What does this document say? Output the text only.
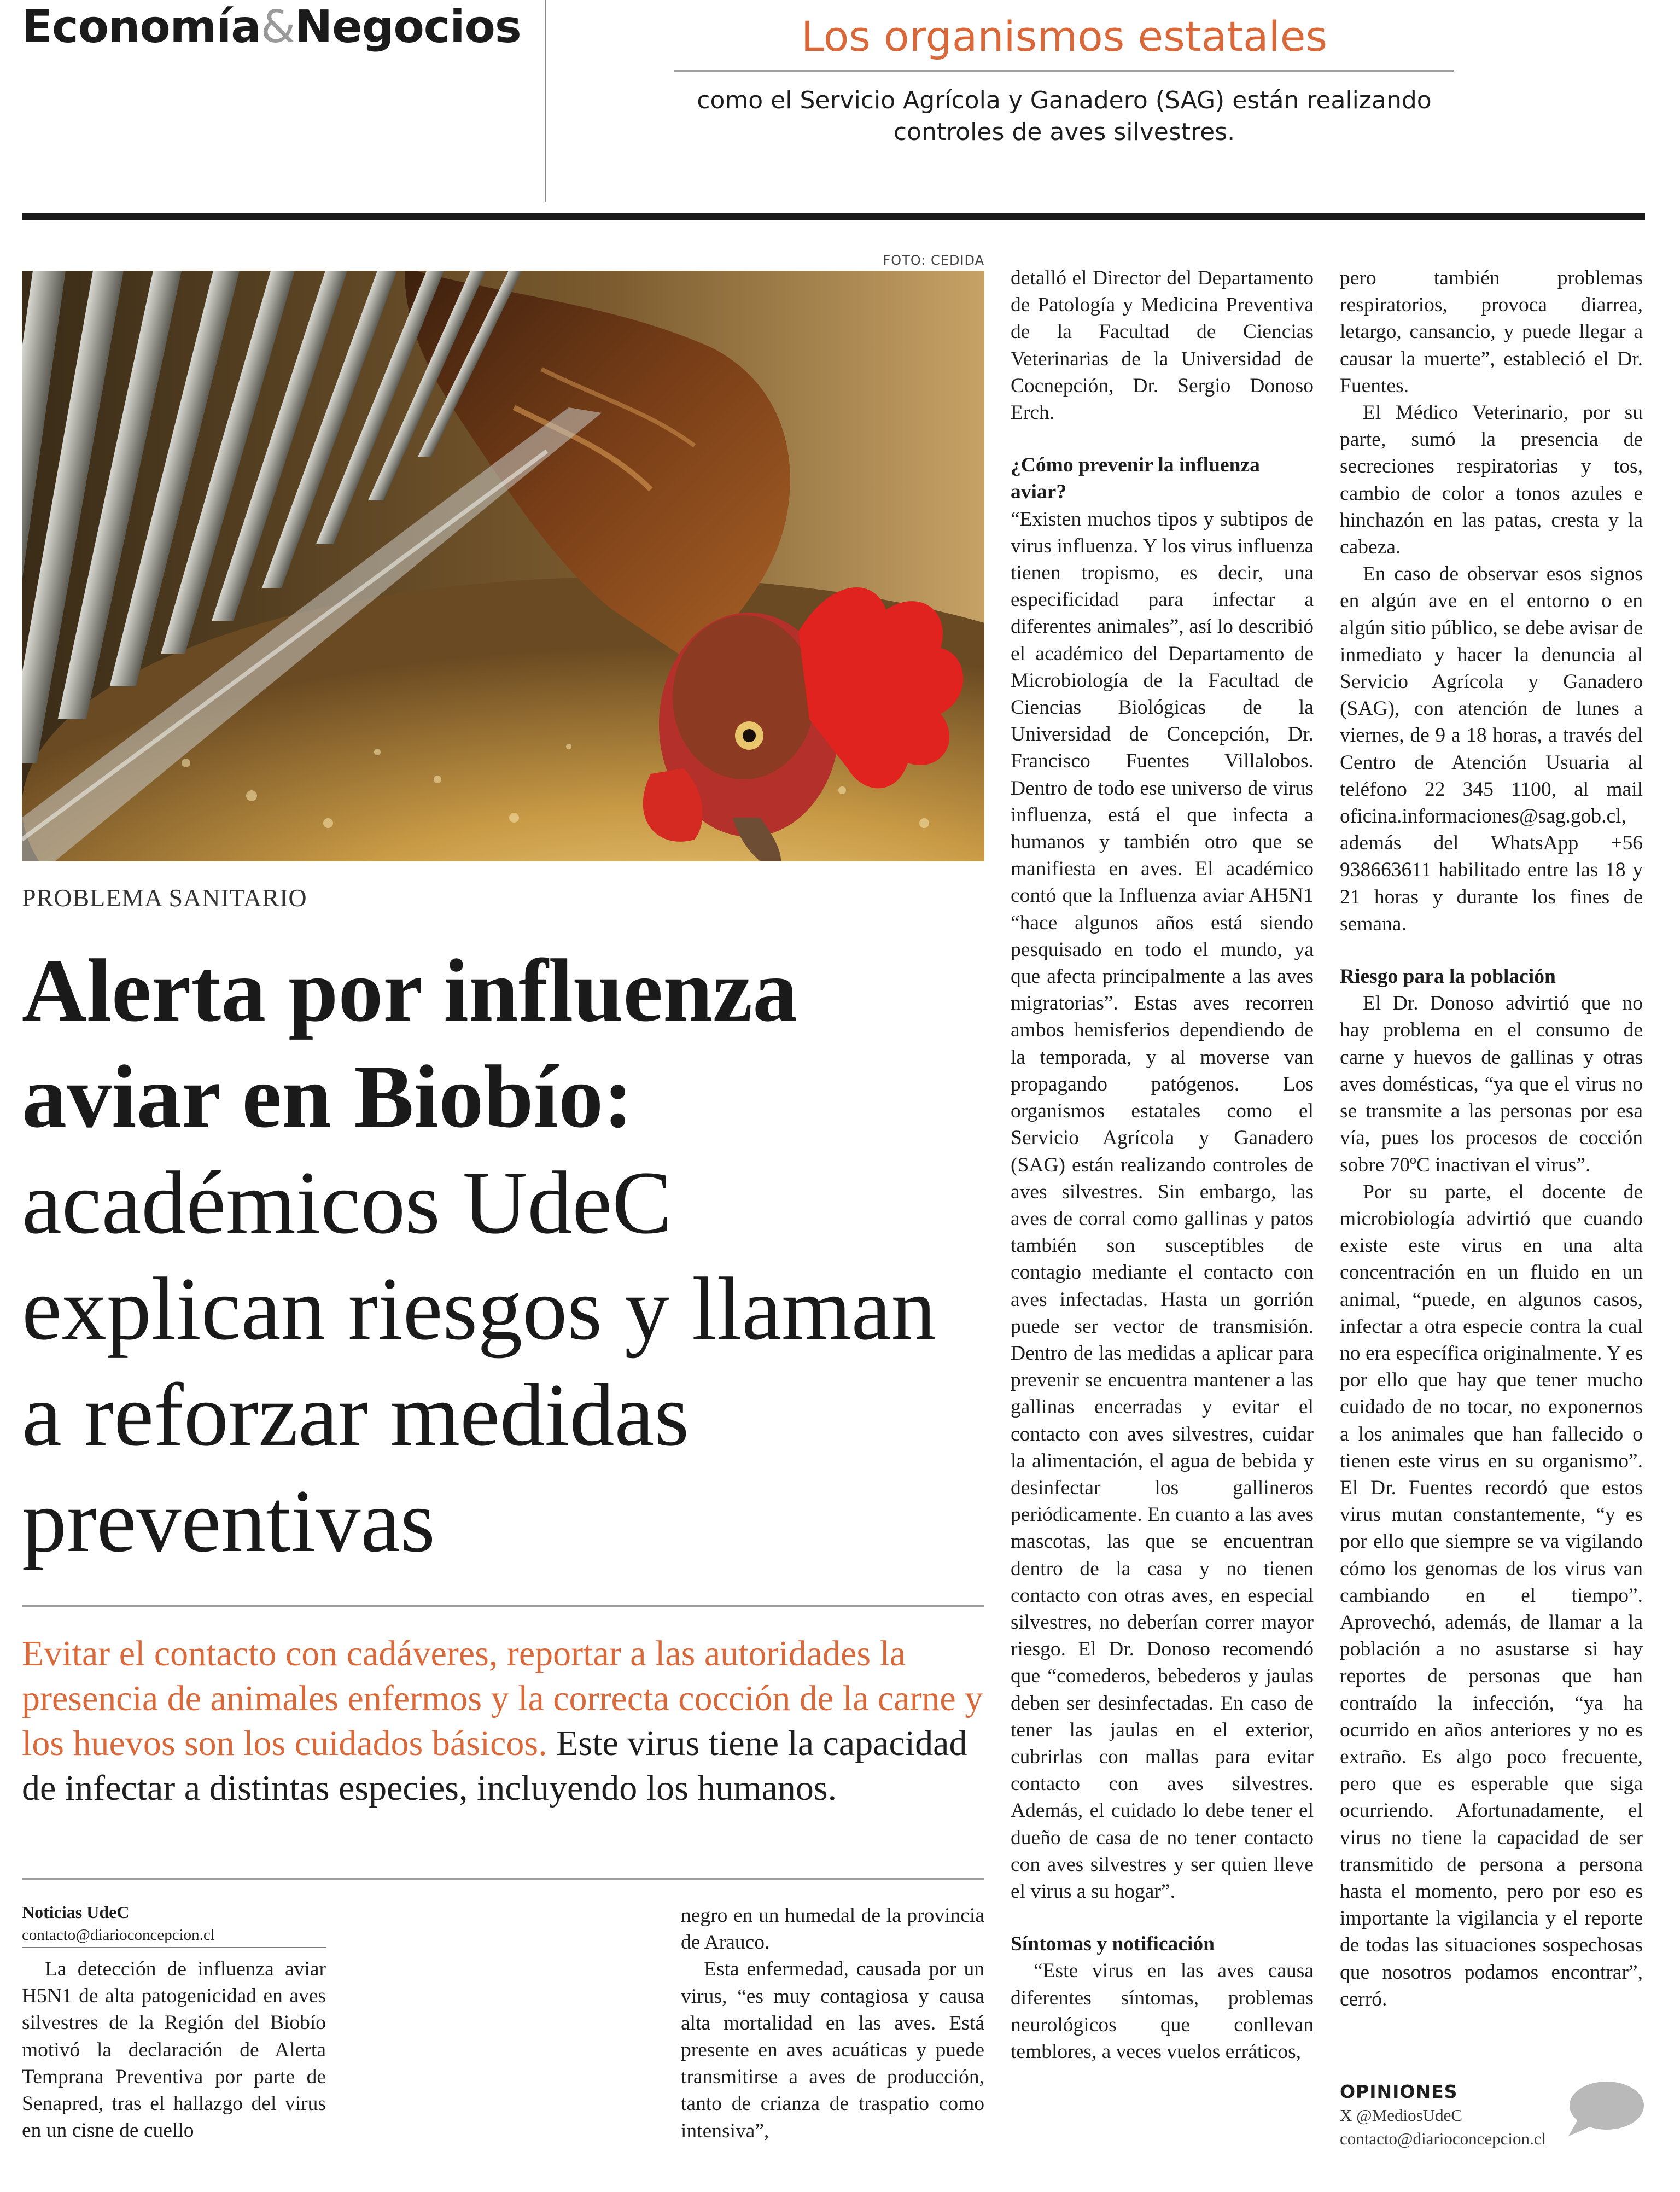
Economía&Negocios	Los organismos estatales
como el Servicio Agrícola y Ganadero (SAG) están realizando controles de aves silvestres.
FOTO: CEDIDA
PROBLEMA SANITARIO
Alerta por influenza aviar en Biobío:
académicos UdeC explican riesgos y llaman a reforzar medidas preventivas
Evitar el contacto con cadáveres, reportar a las autoridades la presencia de animales enfermos y la correcta cocción de la carne y los huevos son los cuidados básicos. Este virus tiene la capacidad de infectar a distintas especies, incluyendo los humanos.
Noticias UdeC
contacto@diarioconcepcion.cl

La detección de influenza aviar H5N1 de alta patogenicidad en aves silvestres de la Región del Biobío motivó la declaración de Alerta Temprana Preventiva por parte de Senapred, tras el hallazgo del virus en un cisne de cuello

negro en un humedal de la provincia de Arauco.

Esta enfermedad, causada por un virus, “es muy contagiosa y causa alta mortalidad en las aves. Está presente en aves acuáticas y puede transmitirse a aves de producción, tanto de crianza de traspatio como intensiva”,

detalló el Director del Departamento de Patología y Medicina Preventiva de la Facultad de Ciencias Veterinarias de la Universidad de Cocnepción, Dr. Sergio Donoso Erch.

¿Cómo prevenir la influenza aviar?

“Existen muchos tipos y subtipos de virus influenza. Y los virus influenza tienen tropismo, es decir, una especificidad para infectar a diferentes animales”, así lo describió el académico del Departamento de Microbiología de la Facultad de Ciencias Biológicas de la Universidad de Concepción, Dr. Francisco Fuentes Villalobos. Dentro de todo ese universo de virus influenza, está el que infecta a humanos y también otro que se manifiesta en aves. El académico contó que la Influenza aviar AH5N1 “hace algunos años está siendo pesquisado en todo el mundo, ya que afecta principalmente a las aves migratorias”. Estas aves recorren ambos hemisferios dependiendo de la temporada, y al moverse van propagando patógenos. Los organismos estatales como el Servicio Agrícola y Ganadero (SAG) están realizando controles de aves silvestres. Sin embargo, las aves de corral como gallinas y patos también son susceptibles de contagio mediante el contacto con aves infectadas. Hasta un gorrión puede ser vector de transmisión. Dentro de las medidas a aplicar para prevenir se encuentra mantener a las gallinas encerradas y evitar el contacto con aves silvestres, cuidar la alimentación, el agua de bebida y desinfectar los gallineros periódicamente. En cuanto a las aves mascotas, las que se encuentran dentro de la casa y no tienen contacto con otras aves, en especial silvestres, no deberían correr mayor riesgo. El Dr. Donoso recomendó que “comederos, bebederos y jaulas deben ser desinfectadas. En caso de tener las jaulas en el exterior, cubrirlas con mallas para evitar contacto con aves silvestres. Además, el cuidado lo debe tener el dueño de casa de no tener contacto con aves silvestres y ser quien lleve el virus a su hogar”.

Síntomas y notificación

“Este virus en las aves causa diferentes síntomas, problemas neurológicos que conllevan temblores, a veces vuelos erráticos,

pero también problemas respiratorios, provoca diarrea, letargo, cansancio, y puede llegar a causar la muerte”, estableció el Dr. Fuentes.

El Médico Veterinario, por su parte, sumó la presencia de secreciones respiratorias y tos, cambio de color a tonos azules e hinchazón en las patas, cresta y la cabeza.

En caso de observar esos signos en algún ave en el entorno o en algún sitio público, se debe avisar de inmediato y hacer la denuncia al Servicio Agrícola y Ganadero (SAG), con atención de lunes a viernes, de 9 a 18 horas, a través del Centro de Atención Usuaria al teléfono 22 345 1100, al mail oficina.informaciones@sag.gob.cl, además del WhatsApp +56 938663611 habilitado entre las 18 y 21 horas y durante los fines de semana.

Riesgo para la población

El Dr. Donoso advirtió que no hay problema en el consumo de carne y huevos de gallinas y otras aves domésticas, “ya que el virus no se transmite a las personas por esa vía, pues los procesos de cocción sobre 70ºC inactivan el virus”.

Por su parte, el docente de microbiología advirtió que cuando existe este virus en una alta concentración en un fluido en un animal, “puede, en algunos casos, infectar a otra especie contra la cual no era específica originalmente. Y es por ello que hay que tener mucho cuidado de no tocar, no exponernos a los animales que han fallecido o tienen este virus en su organismo”. El Dr. Fuentes recordó que estos virus mutan constantemente, “y es por ello que siempre se va vigilando cómo los genomas de los virus van cambiando en el tiempo”. Aprovechó, además, de llamar a la población a no asustarse si hay reportes de personas que han contraído la infección, “ya ha ocurrido en años anteriores y no es extraño. Es algo poco frecuente, pero que es esperable que siga ocurriendo. Afortunadamente, el virus no tiene la capacidad de ser transmitido de persona a persona hasta el momento, pero por eso es importante la vigilancia y el reporte de todas las situaciones sospechosas que nosotros podamos encontrar”, cerró.

OPINIONES
X @MediosUdeC
contacto@diarioconcepcion.cl
